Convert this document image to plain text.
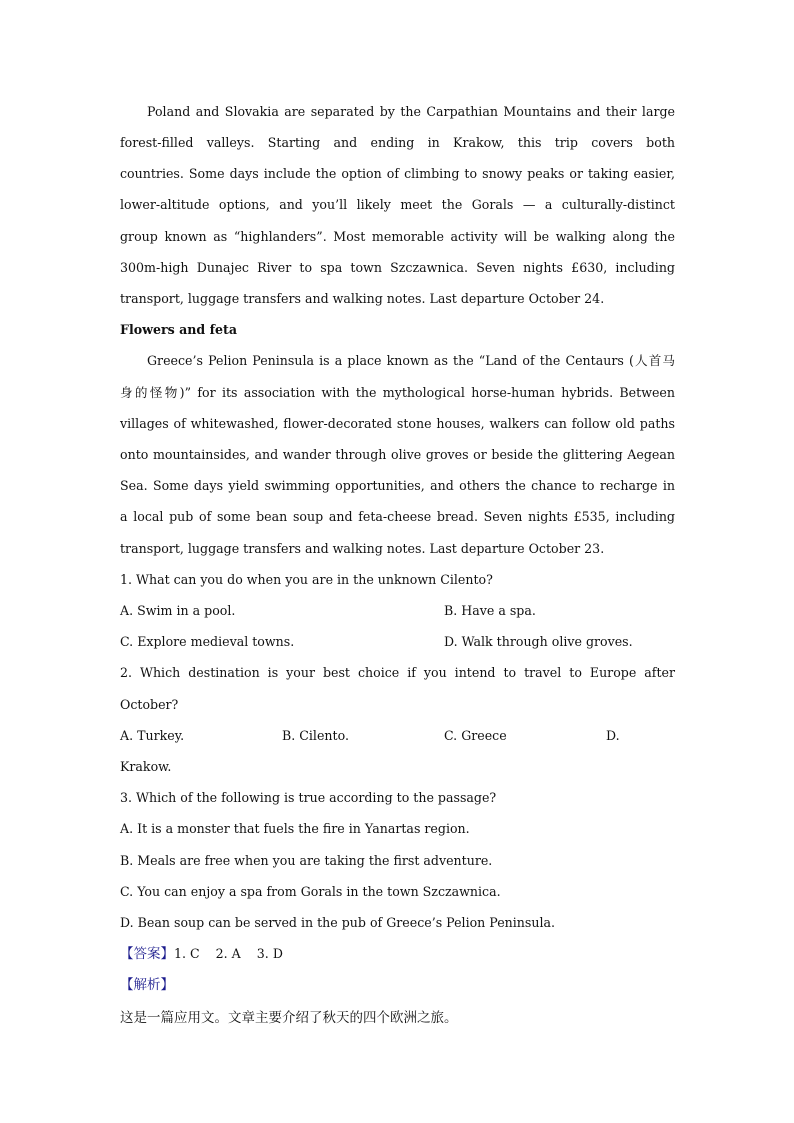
Poland and Slovakia are separated by the Carpathian Mountains and their large
forest-filled valleys. Starting and ending in Krakow, this trip covers both
countries. Some days include the option of climbing to snowy peaks or taking easier,
lower-altitude options, and you’ll likely meet the Gorals — a culturally-distinct
group known as “highlanders”. Most memorable activity will be walking along the
300m-high Dunajec River to spa town Szczawnica. Seven nights £630, including
transport, luggage transfers and walking notes. Last departure October 24.
Flowers and feta
Greece’s Pelion Peninsula is a place known as the “Land of the Centaurs (人首马
身的怪物)” for its association with the mythological horse-human hybrids. Between
villages of whitewashed, flower-decorated stone houses, walkers can follow old paths
onto mountainsides, and wander through olive groves or beside the glittering Aegean
Sea. Some days yield swimming opportunities, and others the chance to recharge in
a local pub of some bean soup and feta-cheese bread. Seven nights £535, including
transport, luggage transfers and walking notes. Last departure October 23.
1. What can you do when you are in the unknown Cilento?
A. Swim in a pool.	B. Have a spa.
C. Explore medieval towns.	D. Walk through olive groves.
2. Which destination is your best choice if you intend to travel to Europe after
October?
A. Turkey.	B. Cilento.	C. Greece	D.
Krakow.
3. Which of the following is true according to the passage?
A. It is a monster that fuels the fire in Yanartas region.
B. Meals are free when you are taking the first adventure.
C. You can enjoy a spa from Gorals in the town Szczawnica.
D. Bean soup can be served in the pub of Greece’s Pelion Peninsula.
【答案】1. C    2. A    3. D
【解析】
这是一篇应用文。文章主要介绍了秋天的四个欧洲之旅。
